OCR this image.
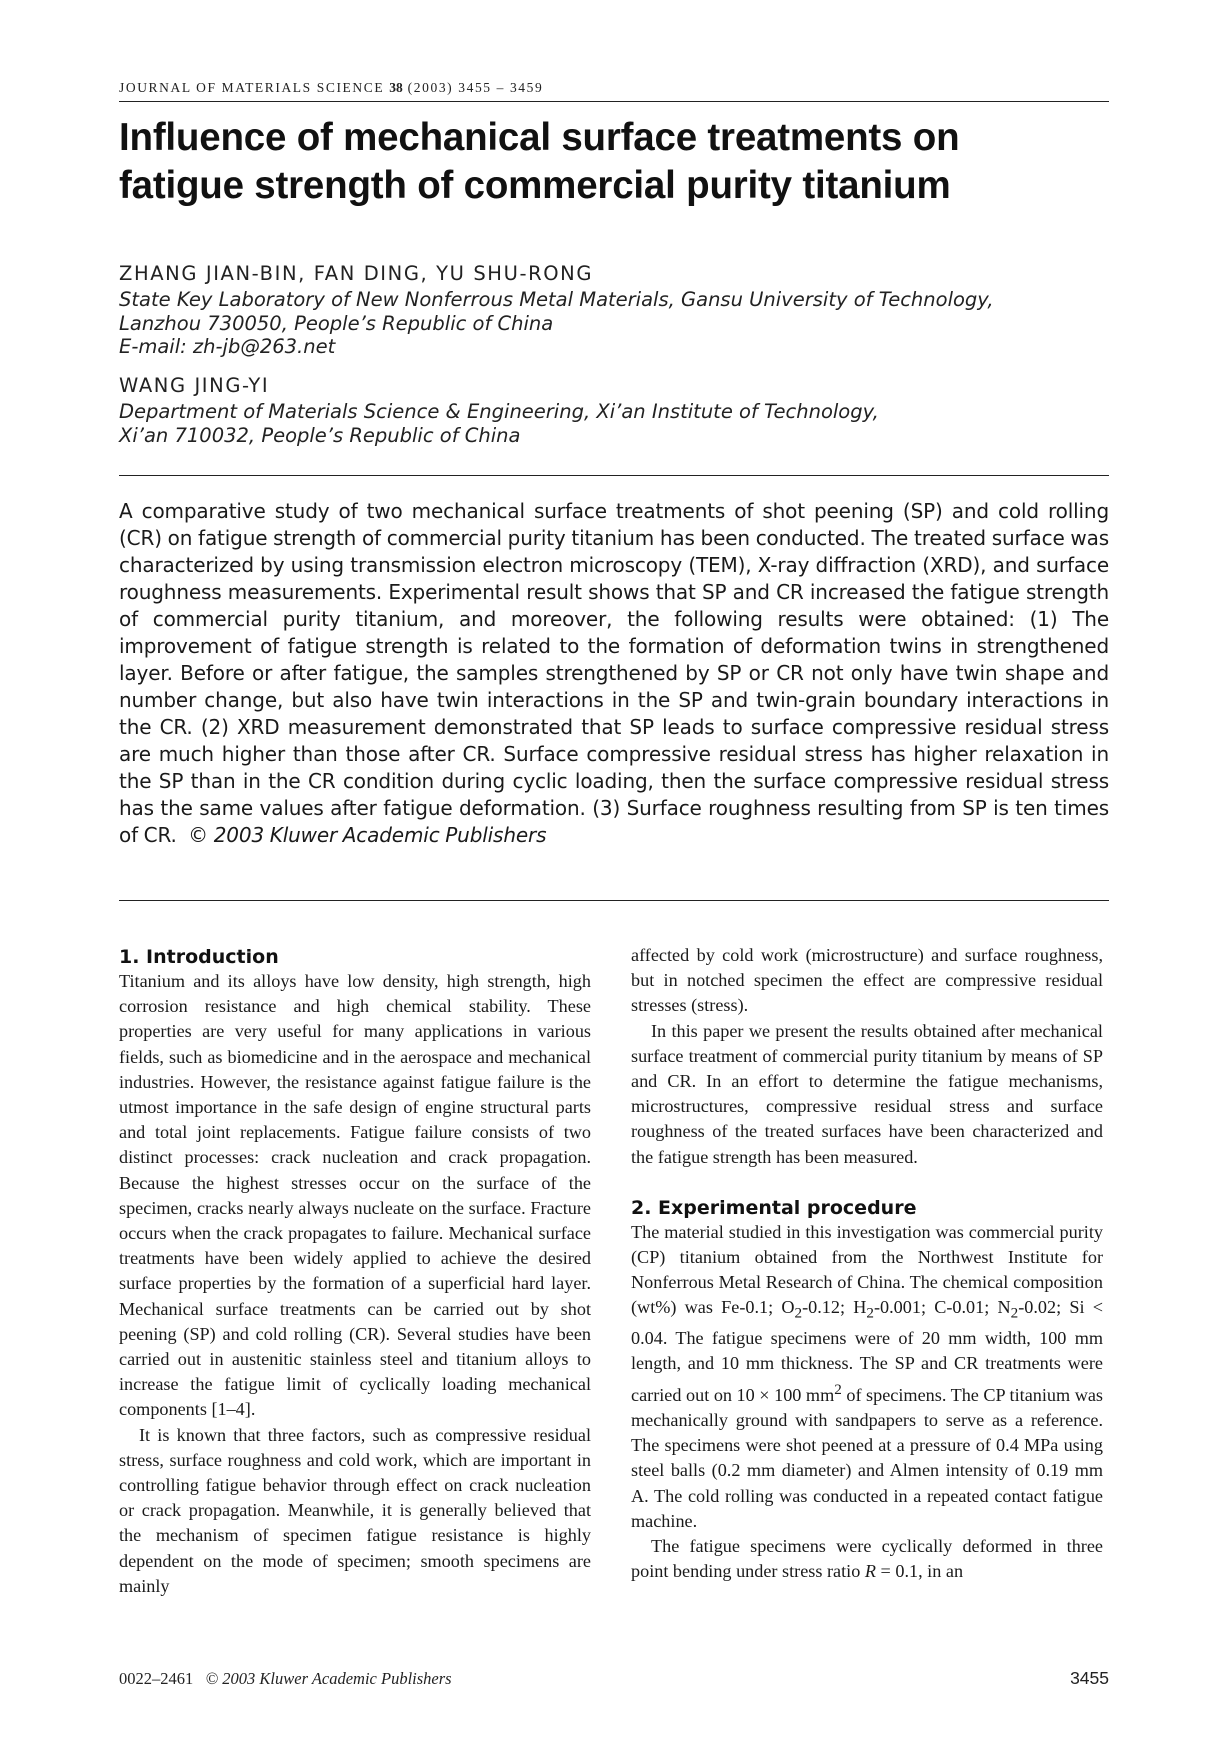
JOURNAL OF MATERIALS SCIENCE 38 (2003) 3455 – 3459
Influence of mechanical surface treatments on
fatigue strength of commercial purity titanium
ZHANG JIAN-BIN, FAN DING, YU SHU-RONG
State Key Laboratory of New Nonferrous Metal Materials, Gansu University of Technology,
Lanzhou 730050, People’s Republic of China
E-mail: zh-jb@263.net
WANG JING-YI
Department of Materials Science & Engineering, Xi’an Institute of Technology,
Xi’an 710032, People’s Republic of China

A comparative study of two mechanical surface treatments of shot peening (SP) and cold rolling (CR) on fatigue strength of commercial purity titanium has been conducted. The treated surface was characterized by using transmission electron microscopy (TEM), X-ray diffraction (XRD), and surface roughness measurements. Experimental result shows that SP and CR increased the fatigue strength of commercial purity titanium, and moreover, the following results were obtained: (1) The improvement of fatigue strength is related to the formation of deformation twins in strengthened layer. Before or after fatigue, the samples strengthened by SP or CR not only have twin shape and number change, but also have twin interactions in the SP and twin-grain boundary interactions in the CR. (2) XRD measurement demonstrated that SP leads to surface compressive residual stress are much higher than those after CR. Surface compressive residual stress has higher relaxation in the SP than in the CR condition during cyclic loading, then the surface compressive residual stress has the same values after fatigue deformation. (3) Surface roughness resulting from SP is ten times of CR. © 2003 Kluwer Academic Publishers

1. Introduction

Titanium and its alloys have low density, high strength, high corrosion resistance and high chemical stability. These properties are very useful for many applications in various fields, such as biomedicine and in the aerospace and mechanical industries. However, the resistance against fatigue failure is the utmost importance in the safe design of engine structural parts and total joint replacements. Fatigue failure consists of two distinct processes: crack nucleation and crack propagation. Because the highest stresses occur on the surface of the specimen, cracks nearly always nucleate on the surface. Fracture occurs when the crack propagates to failure. Mechanical surface treatments have been widely applied to achieve the desired surface properties by the formation of a superficial hard layer. Mechanical surface treatments can be carried out by shot peening (SP) and cold rolling (CR). Several studies have been carried out in austenitic stainless steel and titanium alloys to increase the fatigue limit of cyclically loading mechanical components [1–4].

It is known that three factors, such as compressive residual stress, surface roughness and cold work, which are important in controlling fatigue behavior through effect on crack nucleation or crack propagation. Meanwhile, it is generally believed that the mechanism of specimen fatigue resistance is highly dependent on the mode of specimen; smooth specimens are mainly

affected by cold work (microstructure) and surface roughness, but in notched specimen the effect are compressive residual stresses (stress).

In this paper we present the results obtained after mechanical surface treatment of commercial purity titanium by means of SP and CR. In an effort to determine the fatigue mechanisms, microstructures, compressive residual stress and surface roughness of the treated surfaces have been characterized and the fatigue strength has been measured.

2. Experimental procedure

The material studied in this investigation was commercial purity (CP) titanium obtained from the Northwest Institute for Nonferrous Metal Research of China. The chemical composition (wt%) was Fe-0.1; $O_2-0.12$; $H_2-0.001$; C-0.01; $N_2-0.02$; Si < 0.04. The fatigue specimens were of 20 mm width, 100 mm length, and 10 mm thickness. The SP and CR treatments were carried out on 10 × 100 $mm^2$ of specimens. The CP titanium was mechanically ground with sandpapers to serve as a reference. The specimens were shot peened at a pressure of 0.4 MPa using steel balls (0.2 mm diameter) and Almen intensity of 0.19 mm A. The cold rolling was conducted in a repeated contact fatigue machine.

The fatigue specimens were cyclically deformed in three point bending under stress ratio R = 0.1, in an

0022–2461 © 2003 Kluwer Academic Publishers	3455
